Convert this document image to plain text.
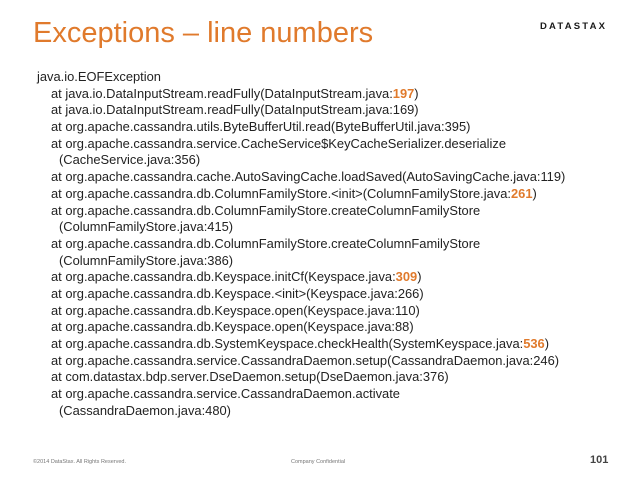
Exceptions – line numbers	DATASTAX
java.io.EOFException
at java.io.DataInputStream.readFully(DataInputStream.java:197)
at java.io.DataInputStream.readFully(DataInputStream.java:169)
at org.apache.cassandra.utils.ByteBufferUtil.read(ByteBufferUtil.java:395)
at org.apache.cassandra.service.CacheService$KeyCacheSerializer.deserialize
(CacheService.java:356)
at org.apache.cassandra.cache.AutoSavingCache.loadSaved(AutoSavingCache.java:119)
at org.apache.cassandra.db.ColumnFamilyStore.<init>(ColumnFamilyStore.java:261)
at org.apache.cassandra.db.ColumnFamilyStore.createColumnFamilyStore
(ColumnFamilyStore.java:415)
at org.apache.cassandra.db.ColumnFamilyStore.createColumnFamilyStore
(ColumnFamilyStore.java:386)
at org.apache.cassandra.db.Keyspace.initCf(Keyspace.java:309)
at org.apache.cassandra.db.Keyspace.<init>(Keyspace.java:266)
at org.apache.cassandra.db.Keyspace.open(Keyspace.java:110)
at org.apache.cassandra.db.Keyspace.open(Keyspace.java:88)
at org.apache.cassandra.db.SystemKeyspace.checkHealth(SystemKeyspace.java:536)
at org.apache.cassandra.service.CassandraDaemon.setup(CassandraDaemon.java:246)
at com.datastax.bdp.server.DseDaemon.setup(DseDaemon.java:376)
at org.apache.cassandra.service.CassandraDaemon.activate
(CassandraDaemon.java:480)
©2014 DataStax. All Rights Reserved.	Company Confidential	101
